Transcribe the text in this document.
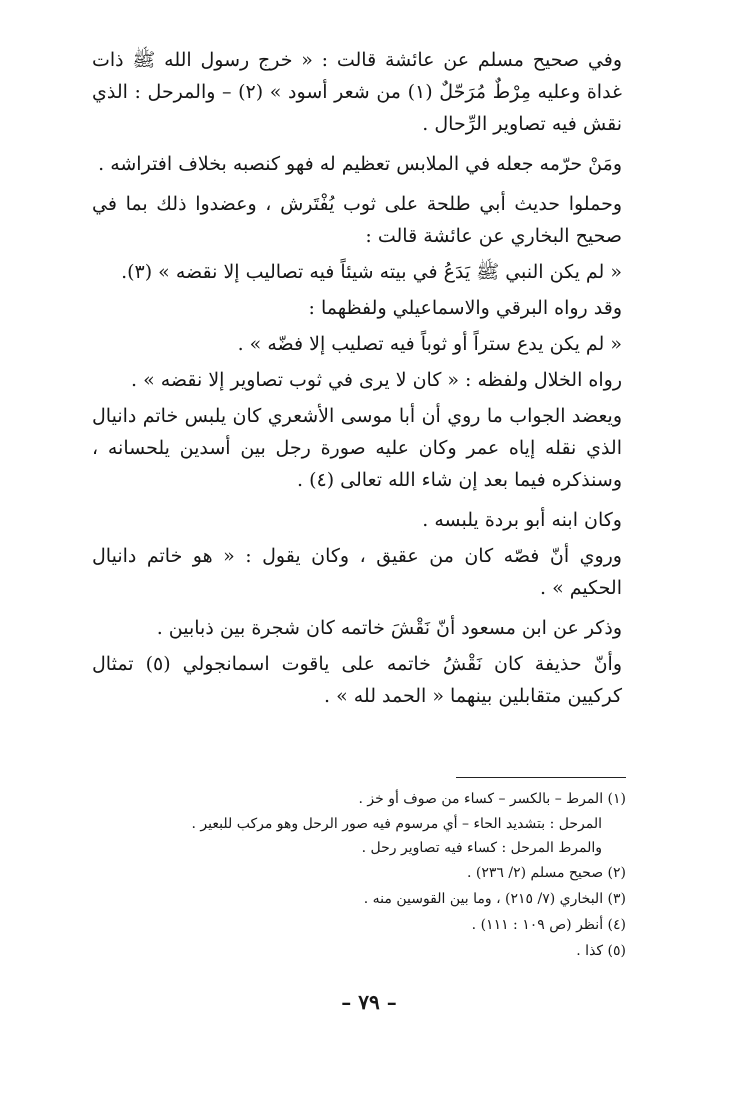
وفي صحيح مسلم عن عائشة قالت : « خرج رسول الله ﷺ ذات غداة وعليه مِرْطٌ مُرَحّلٌ (١) من شعر أسود » (٢) – والمرحل : الذي نقش فيه تصاوير الرِّحال .

ومَنْ حرّمه جعله في الملابس تعظيم له فهو كنصبه بخلاف افتراشه .

وحملوا حديث أبي طلحة على ثوب يُفْتَرش ، وعضدوا ذلك بما في صحيح البخاري عن عائشة قالت :

« لم يكن النبي ﷺ يَدَعُ في بيته شيئاً فيه تصاليب إلا نقضه » (٣).

وقد رواه البرقي والاسماعيلي ولفظهما :

« لم يكن يدع ستراً أو ثوباً فيه تصليب إلا فضّه » .

رواه الخلال ولفظه : « كان لا يرى في ثوب تصاوير إلا نقضه » .

ويعضد الجواب ما روي أن أبا موسى الأشعري كان يلبس خاتم دانيال الذي نقله إياه عمر وكان عليه صورة رجل بين أسدين يلحسانه ، وسنذكره فيما بعد إن شاء الله تعالى (٤) .

وكان ابنه أبو بردة يلبسه .

وروي أنّ فصّه كان من عقيق ، وكان يقول : « هو خاتم دانيال الحكيم » .

وذكر عن ابن مسعود أنّ نَقْشَ خاتمه كان شجرة بين ذبابين .

وأنّ حذيفة كان نَقْشُ خاتمه على ياقوت اسمانجولي (٥) تمثال كركيين متقابلين بينهما « الحمد لله » .

(١) المرط – بالكسر – كساء من صوف أو خز .

المرحل : بتشديد الحاء – أي مرسوم فيه صور الرحل وهو مركب للبعير .

والمرط المرحل : كساء فيه تصاوير رحل .

(٢) صحيح مسلم (٢/ ٢٣٦) .

(٣) البخاري (٧/ ٢١٥) ، وما بين القوسين منه .

(٤) أنظر (ص ١٠٩ : ١١١) .

(٥) كذا .

– ٧٩ –
